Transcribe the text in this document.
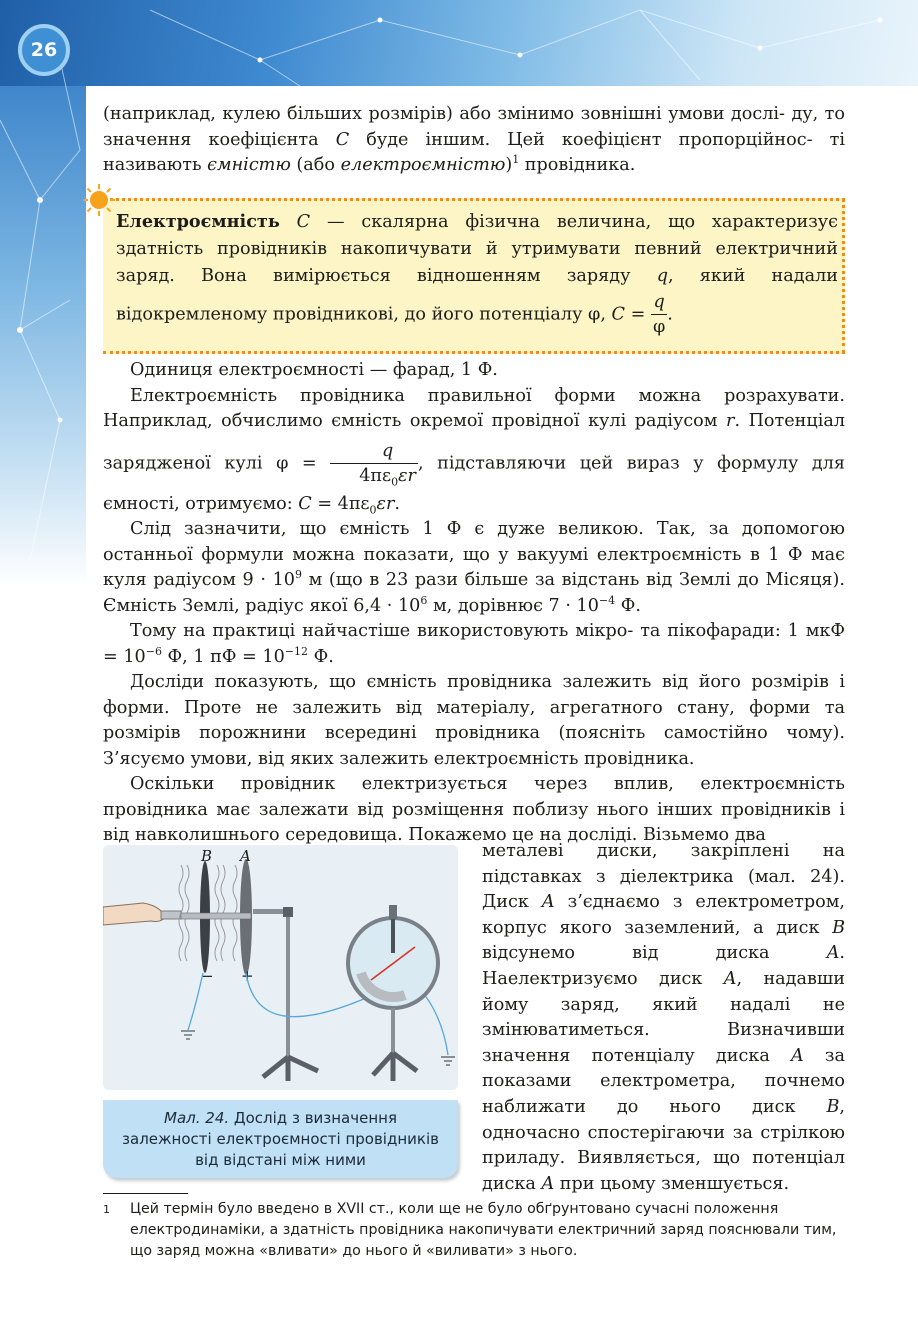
26

(наприклад, кулею більших розмірів) або змінимо зовнішні умови дослі- ду, то значення коефіцієнта C буде іншим. Цей коефіцієнт пропорційнос- ті називають ємністю (або електроємністю)$^1$ провідника.

Електроємність C — скалярна фізична величина, що характеризує здатність провідників накопичувати й утримувати певний електричний заряд. Вона вимірюється відношенням заряду q, який надали відокремленому провідникові, до його потенціалу φ, $C = \frac{q}{\varphi}$ .

Одиниця електроємності — фарад, 1 Ф.

Електроємність провідника правильної форми можна розрахувати. Наприклад, обчислимо ємність окремої провідної кулі радіусом r. Потенціал зарядженої кулі $\varphi = \frac{q}{4\pi\varepsilon_0\varepsilon r}$ , підставляючи цей вираз у формулу для ємності, отримуємо: $C = 4\pi\varepsilon_0\varepsilon r$.

Слід зазначити, що ємність 1 Ф є дуже великою. Так, за допомогою останньої формули можна показати, що у вакуумі електроємність в 1 Ф має куля радіусом $9 \cdot 10^9$ м (що в 23 рази більше за відстань від Землі до Місяця). Ємність Землі, радіус якої $6,4 \cdot 10^6$ м, дорівнює $7 \cdot 10^{-4}$ Ф.

Тому на практиці найчастіше використовують мікро- та пікофаради: 1 мкФ = $10^{-6}$ Ф, 1 пФ = $10^{-12}$ Ф.

Досліди показують, що ємність провідника залежить від його розмірів і форми. Проте не залежить від матеріалу, агрегатного стану, форми та розмірів порожнини всередині провідника (поясніть самостійно чому). З’ясуємо умови, від яких залежить електроємність провідника.

Оскільки провідник електризується через вплив, електроємність провідника має залежати від розміщення поблизу нього інших провідників і від навколишнього середовища. Покажемо це на досліді. Візьмемо два

B A
− +
Мал. 24. Дослід з визначення
залежності електроємності провідників
від відстані між ними

металеві диски, закріплені на підставках з діелектрика (мал. 24). Диск A з’єднаємо з електрометром, корпус якого заземлений, а диск B відсунемо від диска A. Наелектризуємо диск A, надавши йому заряд, який надалі не змінюватиметься. Визначивши значення потенціалу диска A за показами електрометра, почнемо наближати до нього диск B, одночасно спостерігаючи за стрілкою приладу. Виявляється, що потенціал диска A при цьому зменшується.

1 Цей термін було введено в XVII ст., коли ще не було обґрунтовано сучасні положення електродинаміки, а здатність провідника накопичувати електричний заряд пояснювали тим, що заряд можна «вливати» до нього й «виливати» з нього.
